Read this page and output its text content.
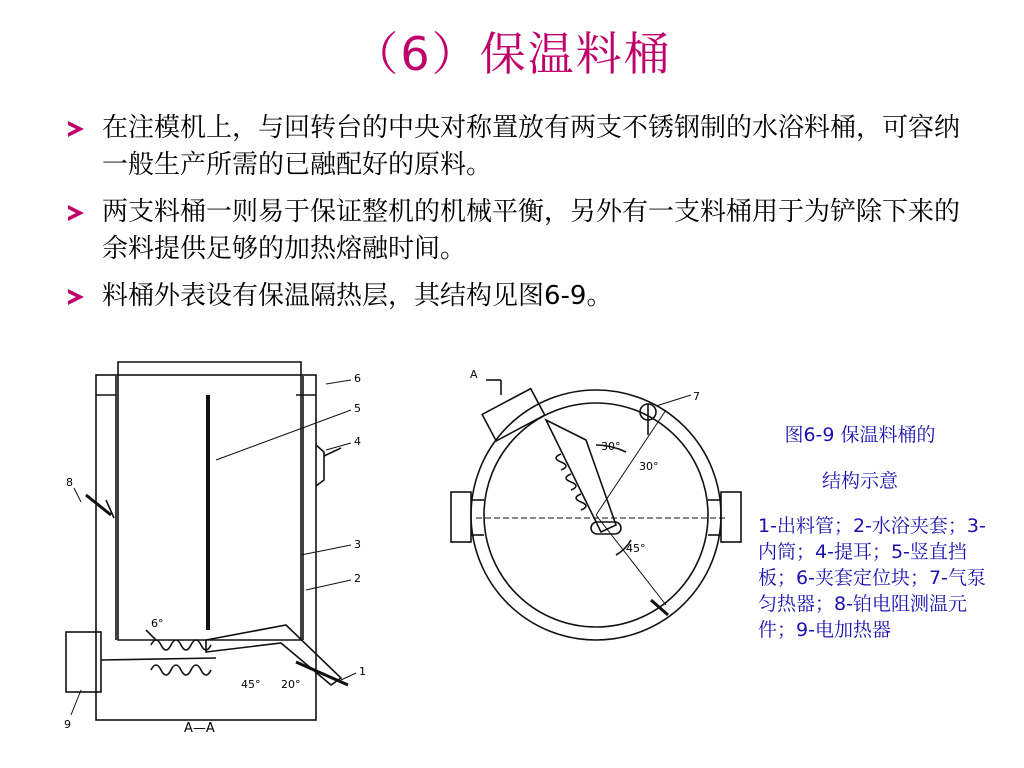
（6）保温料桶
在注模机上，与回转台的中央对称置放有两支不锈钢制的水浴料桶，可容纳一般生产所需的已融配好的原料。
两支料桶一则易于保证整机的机械平衡，另外有一支料桶用于为铲除下来的余料提供足够的加热熔融时间。
料桶外表设有保温隔热层，其结构见图6-9。
6
5
4
3
2
1
8
9
6°
45° 20°
A—A
A
7
30°
30°
45°
图6-9 保温料桶的
结构示意
1-出料管；2-水浴夹套；3-内筒；4-提耳；5-竖直挡板；6-夹套定位块；7-气泵匀热器；8-铂电阻测温元件；9-电加热器
